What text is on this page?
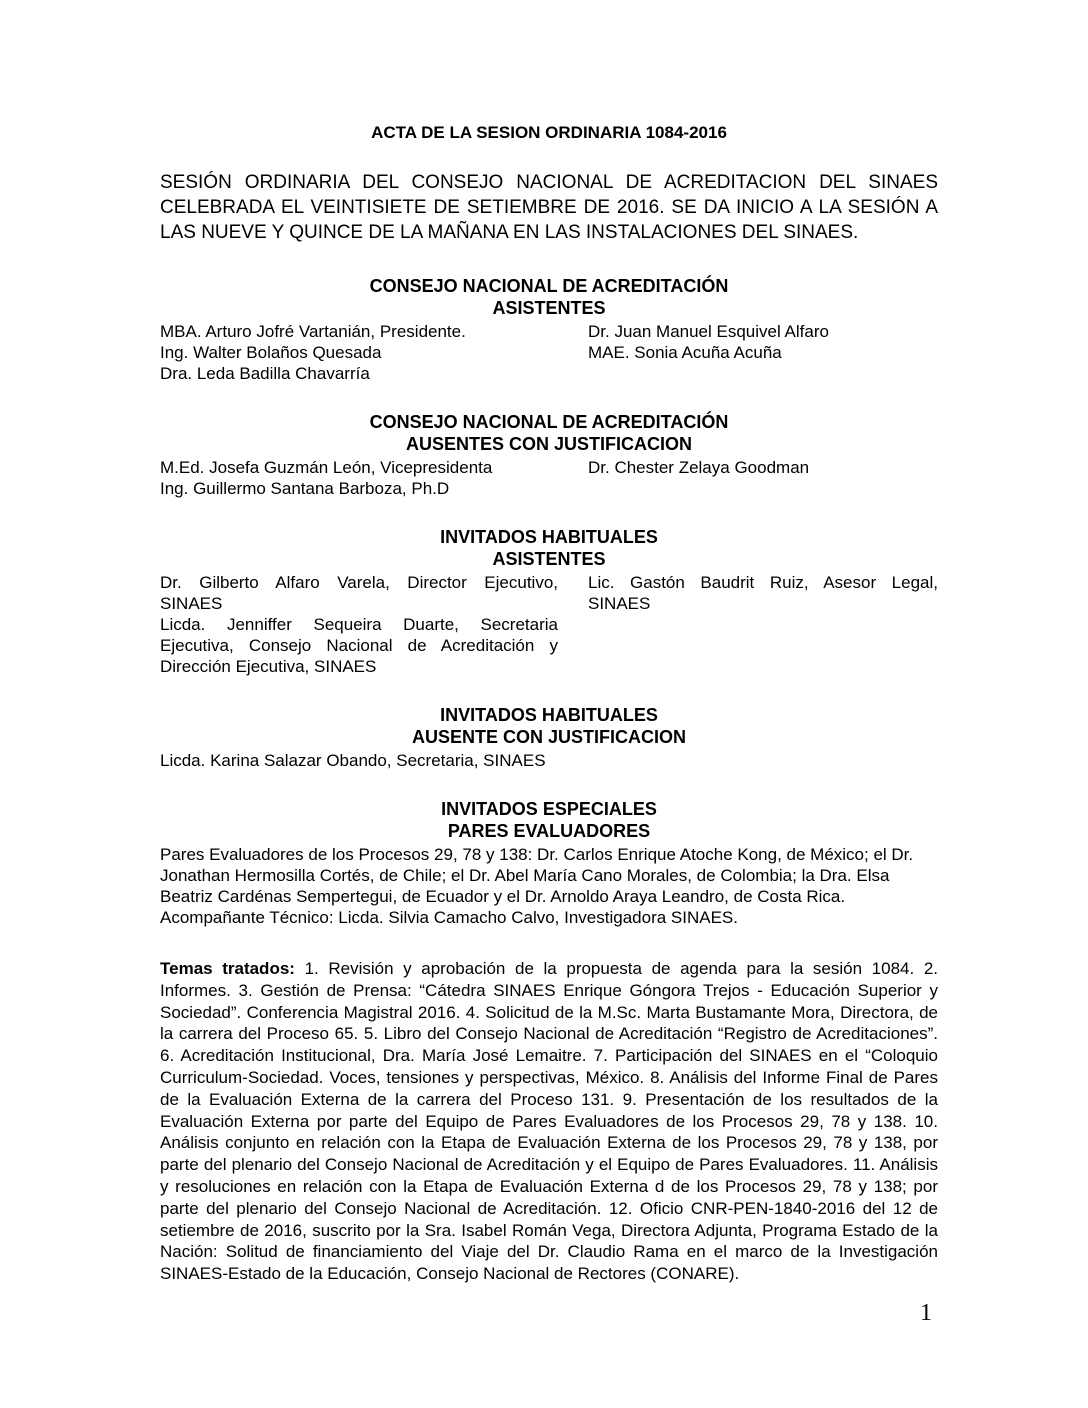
ACTA DE LA SESION ORDINARIA 1084-2016

SESIÓN ORDINARIA DEL CONSEJO NACIONAL DE ACREDITACION DEL SINAES CELEBRADA EL VEINTISIETE DE SETIEMBRE DE 2016. SE DA INICIO A LA SESIÓN A LAS NUEVE Y QUINCE DE LA MAÑANA EN LAS INSTALACIONES DEL SINAES.

CONSEJO NACIONAL DE ACREDITACIÓN
ASISTENTES
MBA. Arturo Jofré Vartanián, Presidente.
Ing. Walter Bolaños Quesada
Dra. Leda Badilla Chavarría
Dr. Juan Manuel Esquivel Alfaro
MAE. Sonia Acuña Acuña
CONSEJO NACIONAL DE ACREDITACIÓN
AUSENTES CON JUSTIFICACION
M.Ed. Josefa Guzmán León, Vicepresidenta
Ing. Guillermo Santana Barboza, Ph.D
Dr. Chester Zelaya Goodman
INVITADOS HABITUALES
ASISTENTES
Dr. Gilberto Alfaro Varela, Director Ejecutivo, SINAES
Licda. Jenniffer Sequeira Duarte, Secretaria Ejecutiva, Consejo Nacional de Acreditación y Dirección Ejecutiva, SINAES
Lic. Gastón Baudrit Ruiz, Asesor Legal, SINAES
INVITADOS HABITUALES
AUSENTE CON JUSTIFICACION
Licda. Karina Salazar Obando, Secretaria, SINAES
INVITADOS ESPECIALES
PARES EVALUADORES
Pares Evaluadores de los Procesos 29, 78 y 138: Dr. Carlos Enrique Atoche Kong, de México; el Dr. Jonathan Hermosilla Cortés, de Chile; el Dr. Abel María Cano Morales, de Colombia; la Dra. Elsa Beatriz Cardénas Sempertegui, de Ecuador y el Dr. Arnoldo Araya Leandro, de Costa Rica.
Acompañante Técnico: Licda. Silvia Camacho Calvo, Investigadora SINAES.
Temas tratados: 1. Revisión y aprobación de la propuesta de agenda para la sesión 1084. 2. Informes. 3. Gestión de Prensa: “Cátedra SINAES Enrique Góngora Trejos - Educación Superior y Sociedad”. Conferencia Magistral 2016. 4. Solicitud de la M.Sc. Marta Bustamante Mora, Directora, de la carrera del Proceso 65. 5. Libro del Consejo Nacional de Acreditación “Registro de Acreditaciones”. 6. Acreditación Institucional, Dra. María José Lemaitre. 7. Participación del SINAES en el “Coloquio Curriculum-Sociedad. Voces, tensiones y perspectivas, México. 8. Análisis del Informe Final de Pares de la Evaluación Externa de la carrera del Proceso 131. 9. Presentación de los resultados de la Evaluación Externa por parte del Equipo de Pares Evaluadores de los Procesos 29, 78 y 138. 10. Análisis conjunto en relación con la Etapa de Evaluación Externa de los Procesos 29, 78 y 138, por parte del plenario del Consejo Nacional de Acreditación y el Equipo de Pares Evaluadores. 11. Análisis y resoluciones en relación con la Etapa de Evaluación Externa d de los Procesos 29, 78 y 138; por parte del plenario del Consejo Nacional de Acreditación. 12. Oficio CNR-PEN-1840-2016 del 12 de setiembre de 2016, suscrito por la Sra. Isabel Román Vega, Directora Adjunta, Programa Estado de la Nación: Solitud de financiamiento del Viaje del Dr. Claudio Rama en el marco de la Investigación SINAES-Estado de la Educación, Consejo Nacional de Rectores (CONARE).
1
